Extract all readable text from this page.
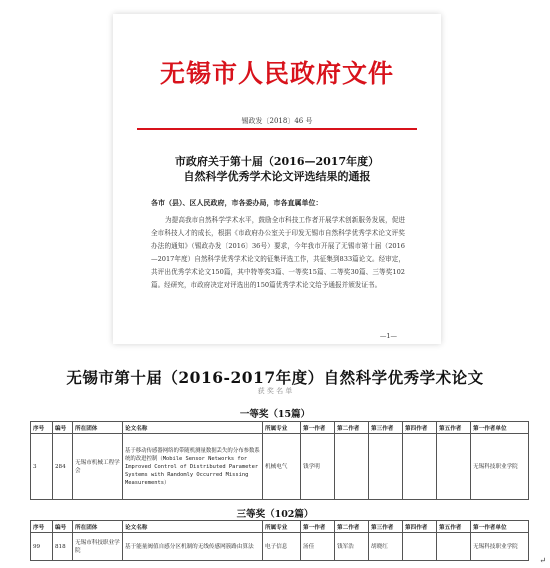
无锡市人民政府文件
锡政发〔2018〕46 号
市政府关于第十届（2016—2017年度）
自然科学优秀学术论文评选结果的通报
各市（县）、区人民政府，市各委办局，市各直属单位：
为提高我市自然科学学术水平，鼓励全市科技工作者开展学术创新服务发展，促进全市科技人才的成长，根据《市政府办公室关于印发无锡市自然科学优秀学术论文评奖办法的通知》（锡政办发〔2016〕36号）要求，今年我市开展了无锡市第十届（2016—2017年度）自然科学优秀学术论文的征集评选工作，共征集到833篇论文。经审定，共评出优秀学术论文150篇，其中特等奖3篇、一等奖15篇、二等奖30篇、三等奖102篇。经研究，市政府决定对评选出的150篇优秀学术论文给予通报并颁发证书。
—1—
无锡市第十届（2016-2017年度）自然科学优秀学术论文
获 奖 名 单
一等奖（15篇）
序号	编号	所在团体	论文名称	所属专业	第一作者	第二作者	第三作者	第四作者	第五作者	第一作者单位
3	284	无锡市机械工程学会	基于移动传感器网络的带随机测量数据丢失的分布参数系统的改进控制（Mobile Sensor Networks for Improved Control of Distributed Parameter Systems with Randomly Occurred Missing Measurements）	机械电气	钱学明					无锡科技职业学院
三等奖（102篇）
序号	编号	所在团体	论文名称	所属专业	第一作者	第二作者	第三作者	第四作者	第五作者	第一作者单位
99	818	无锡市科技职业学院	基于能量阀值自感分区机制的无线传感网簇路由算法	电子信息	汤佳	钱军浩	胡晓红			无锡科技职业学院
↵
